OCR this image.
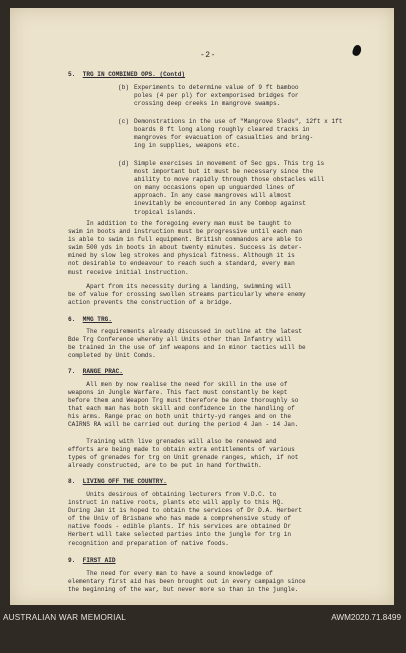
-2-
5. TRG IN COMBINED OPS. (Contd)
(b) Experiments to determine value of 9 ft bamboo
poles (4 per pl) for extemporised bridges for
crossing deep creeks in mangrove swamps.
(c) Demonstrations in the use of "Mangrove Sleds", 12ft x 1ft
boards 8 ft long along roughly cleared tracks in
mangroves for evacuation of casualties and bring-
ing in supplies, weapons etc.
(d) Simple exercises in movement of Sec gps. This trg is
most important but it must be necessary since the
ability to move rapidly through those obstacles will
on many occasions open up unguarded lines of
approach. In any case mangroves will almost
inevitably be encountered in any Combop against
tropical islands.
In addition to the foregoing every man must be taught to
swim in boots and instruction must be progressive until each man
is able to swim in full equipment. British commandos are able to
swim 500 yds in boots in about twenty minutes. Success is deter-
mined by slow leg strokes and physical fitness. Although it is
not desirable to endeavour to reach such a standard, every man
must receive initial instruction.
Apart from its necessity during a landing, swimming will
be of value for crossing swollen streams particularly where enemy
action prevents the construction of a bridge.
6. MMG TRG.
The requirements already discussed in outline at the latest
Bde Trg Conference whereby all Units other than Infantry will
be trained in the use of inf weapons and in minor tactics will be
completed by Unit Comds.
7. RANGE PRAC.
All men by now realise the need for skill in the use of
weapons in Jungle Warfare. This fact must constantly be kept
before them and Weapon Trg must therefore be done thoroughly so
that each man has both skill and confidence in the handling of
his arms. Range prac on both unit thirty-yd ranges and on the
CAIRNS RA will be carried out during the period 4 Jan - 14 Jan.
Training with live grenades will also be renewed and
efforts are being made to obtain extra entitlements of various
types of grenades for trg on Unit grenade ranges, which, if not
already constructed, are to be put in hand forthwith.
8. LIVING OFF THE COUNTRY.
Units desirous of obtaining lecturers from V.D.C. to
instruct in native roots, plants etc will apply to this HQ.
During Jan it is hoped to obtain the services of Dr D.A. Herbert
of the Univ of Brisbane who has made a comprehensive study of
native foods - edible plants. If his services are obtained Dr
Herbert will take selected parties into the jungle for trg in
recognition and preparation of native foods.
9. FIRST AID
The need for every man to have a sound knowledge of
elementary first aid has been brought out in every campaign since
the beginning of the war, but never more so than in the jungle.
AUSTRALIAN WAR MEMORIAL	AWM2020.71.8499
